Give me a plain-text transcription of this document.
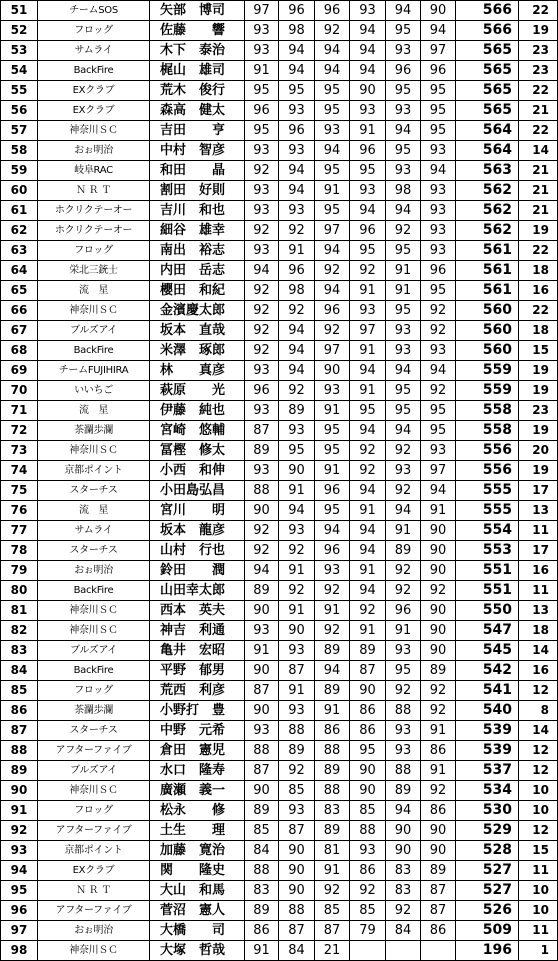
51	チームSOS	矢部　博司	97	96	96	93	94	90	566	22
52	フロッグ	佐藤　　響	93	98	92	94	95	94	566	19
53	サムライ	木下　泰治	93	94	94	94	93	97	565	23
54	BackFire	梶山　雄司	91	94	94	94	96	96	565	23
55	EXクラブ	荒木　俊行	95	95	95	90	95	95	565	22
56	EXクラブ	森高　健太	96	93	95	93	93	95	565	21
57	神奈川ＳＣ	吉田　　亨	95	96	93	91	94	95	564	22
58	おぉ明治	中村　智彦	93	93	94	96	95	93	564	14
59	岐阜RAC	和田　　晶	92	94	95	95	93	94	563	21
60	Ｎ Ｒ Ｔ	割田　好則	93	94	91	93	98	93	562	21
61	ホクリクテーオー	吉川　和也	93	93	95	94	94	93	562	21
62	ホクリクテーオー	細谷　雄幸	92	92	97	96	92	93	562	19
63	フロッグ	南出　裕志	93	91	94	95	95	93	561	22
64	栄北三銃士	内田　岳志	94	96	92	92	91	96	561	18
65	流　星	櫻田　和紀	92	98	94	91	91	95	561	16
66	神奈川ＳＣ	金濱慶太郎	92	92	96	93	95	92	560	22
67	ブルズアイ	坂本　直哉	92	94	92	97	93	92	560	18
68	BackFire	米澤　琢郎	92	94	97	91	93	93	560	15
69	チームFUJIHIRA	林　　真彦	93	94	90	94	94	94	559	19
70	いいちご	萩原　　光	96	92	93	91	95	92	559	19
71	流　星	伊藤　純也	93	89	91	95	95	95	558	23
72	茶瀾歩瀾	宮崎　悠輔	87	93	95	94	94	95	558	19
73	神奈川ＳＣ	冨樫　修太	89	95	95	92	92	93	556	20
74	京都ポイント	小西　和伸	93	90	91	92	93	97	556	19
75	スターチス	小田島弘昌	88	91	96	94	92	94	555	17
76	流　星	宮川　　明	90	94	95	91	94	91	555	13
77	サムライ	坂本　龍彦	92	93	94	94	91	90	554	11
78	スターチス	山村　行也	92	92	96	94	89	90	553	17
79	おぉ明治	鈴田　　潤	94	91	93	91	92	90	551	16
80	BackFire	山田幸太郎	89	92	92	94	92	92	551	11
81	神奈川ＳＣ	西本　英夫	90	91	91	92	96	90	550	13
82	神奈川ＳＣ	神吉　利通	93	90	92	91	91	90	547	18
83	ブルズアイ	亀井　宏昭	91	93	89	89	93	90	545	14
84	BackFire	平野　郁男	90	87	94	87	95	89	542	16
85	フロッグ	荒西　利彦	87	91	89	90	92	92	541	12
86	茶瀾歩瀾	小野打　豊	90	93	91	86	88	92	540	8
87	スターチス	中野　元希	93	88	86	86	93	91	539	14
88	アフターファイブ	倉田　憲児	88	89	88	95	93	86	539	12
89	ブルズアイ	水口　隆寿	87	92	89	90	88	91	537	12
90	神奈川ＳＣ	廣瀬　義一	90	85	88	90	89	92	534	10
91	フロッグ	松永　　修	89	93	83	85	94	86	530	10
92	アフターファイブ	土生　　理	85	87	89	88	90	90	529	12
93	京都ポイント	加藤　寛治	84	90	81	93	90	90	528	15
94	EXクラブ	関　　隆史	88	90	91	86	83	89	527	11
95	Ｎ Ｒ Ｔ	大山　和馬	83	90	92	92	83	87	527	10
96	アフターファイブ	菅沼　憲人	89	88	85	85	92	87	526	10
97	おぉ明治	大橋　　司	86	87	87	79	84	86	509	11
98	神奈川ＳＣ	大塚　哲哉	91	84	21				196	1
